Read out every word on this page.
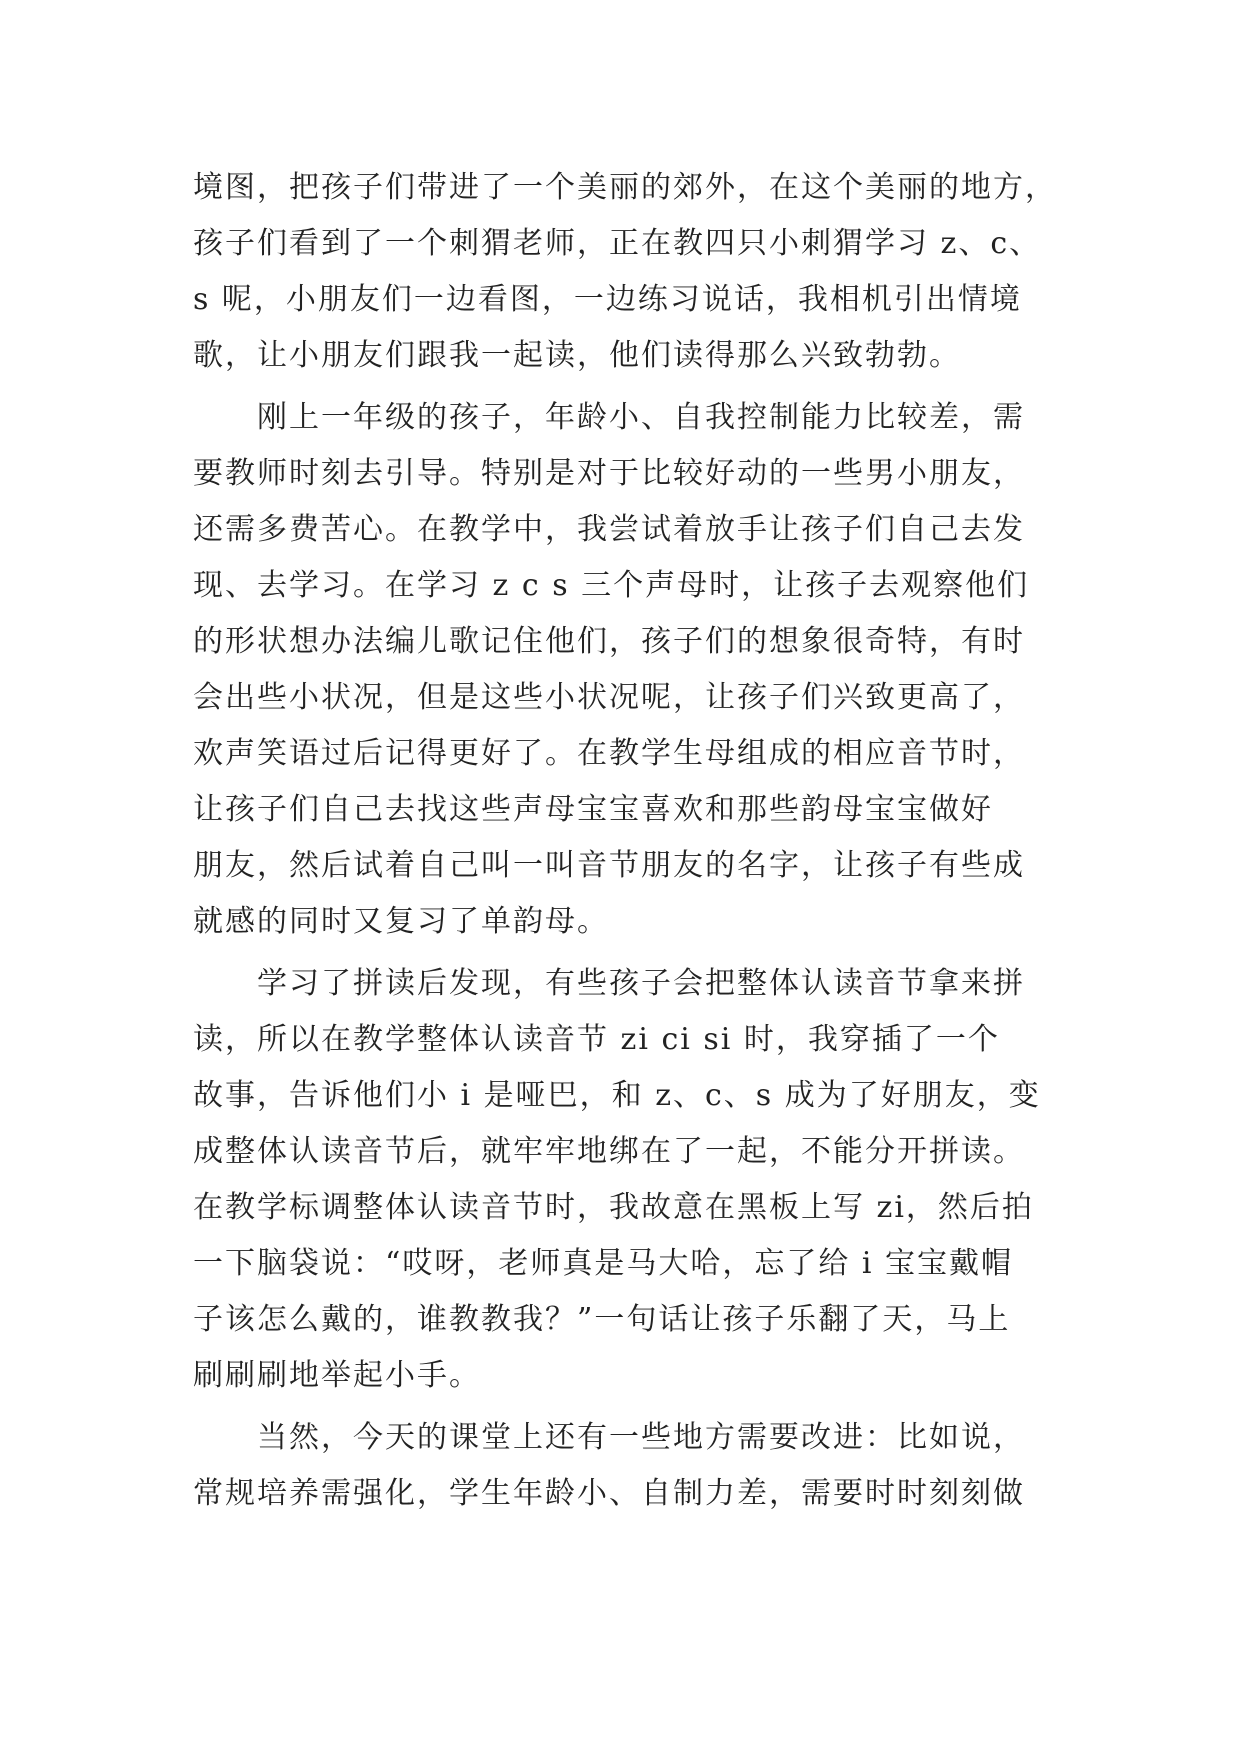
境图，把孩子们带进了一个美丽的郊外，在这个美丽的地方，
孩子们看到了一个刺猬老师，正在教四只小刺猬学习 z、c、
s 呢，小朋友们一边看图，一边练习说话，我相机引出情境
歌，让小朋友们跟我一起读，他们读得那么兴致勃勃。
　　刚上一年级的孩子，年龄小、自我控制能力比较差，需
要教师时刻去引导。特别是对于比较好动的一些男小朋友，
还需多费苦心。在教学中，我尝试着放手让孩子们自己去发
现、去学习。在学习 z c s 三个声母时，让孩子去观察他们
的形状想办法编儿歌记住他们，孩子们的想象很奇特，有时
会出些小状况，但是这些小状况呢，让孩子们兴致更高了，
欢声笑语过后记得更好了。在教学生母组成的相应音节时，
让孩子们自己去找这些声母宝宝喜欢和那些韵母宝宝做好
朋友，然后试着自己叫一叫音节朋友的名字，让孩子有些成
就感的同时又复习了单韵母。
　　学习了拼读后发现，有些孩子会把整体认读音节拿来拼
读，所以在教学整体认读音节 zi ci si 时，我穿插了一个
故事，告诉他们小 i 是哑巴，和 z、c、s 成为了好朋友，变
成整体认读音节后，就牢牢地绑在了一起，不能分开拼读。
在教学标调整体认读音节时，我故意在黑板上写 zi，然后拍
一下脑袋说：“哎呀，老师真是马大哈，忘了给 i 宝宝戴帽
子该怎么戴的，谁教教我？”一句话让孩子乐翻了天，马上
刷刷刷地举起小手。
　　当然，今天的课堂上还有一些地方需要改进：比如说，
常规培养需强化，学生年龄小、自制力差，需要时时刻刻做
